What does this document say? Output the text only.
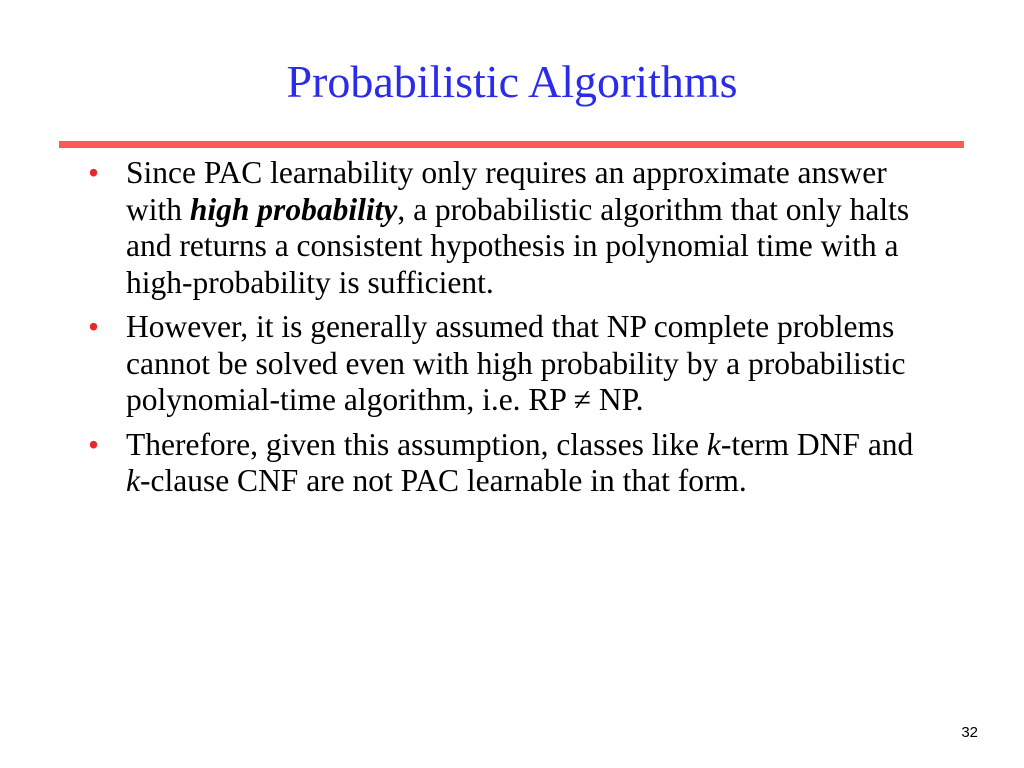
Probabilistic Algorithms
• Since PAC learnability only requires an approximate answer with high probability, a probabilistic algorithm that only halts and returns a consistent hypothesis in polynomial time with a high-probability is sufficient.
• However, it is generally assumed that NP complete problems cannot be solved even with high probability by a probabilistic polynomial-time algorithm, i.e. RP ≠ NP.
• Therefore, given this assumption, classes like k-term DNF and k-clause CNF are not PAC learnable in that form.
32
